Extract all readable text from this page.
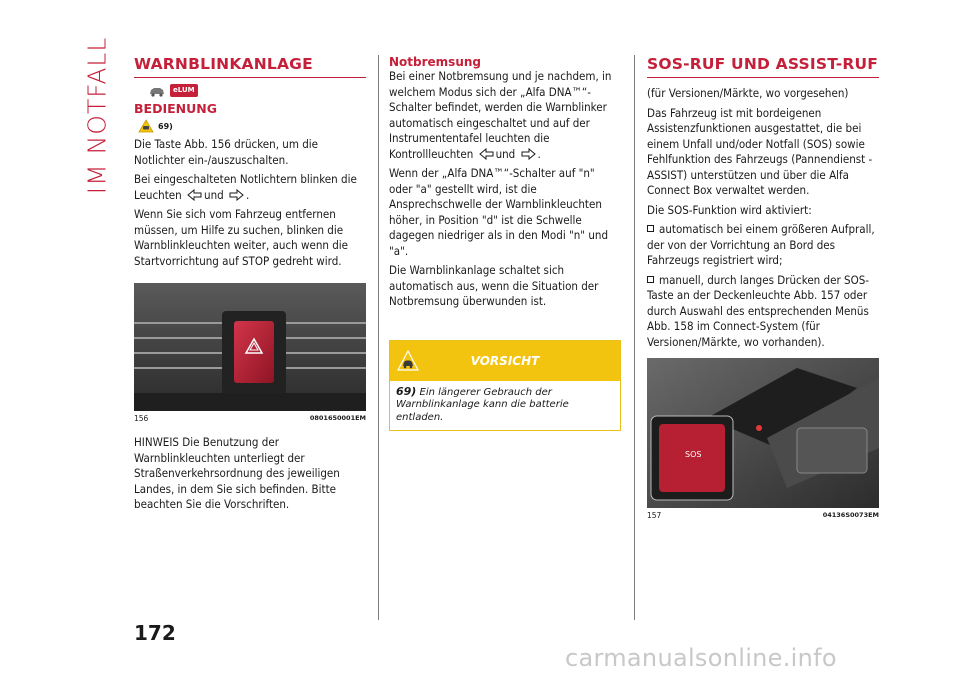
IM NOTFALL WARNBLINKANLAGE
eLUM
BEDIENUNG
69)

Die Taste Abb. 156 drücken, um die Notlichter ein-/auszuschalten.

Bei eingeschalteten Notlichtern blinken die Leuchten und .

Wenn Sie sich vom Fahrzeug entfernen müssen, um Hilfe zu suchen, blinken die Warnblinkleuchten weiter, auch wenn die Startvorrichtung auf STOP gedreht wird.

156	0801650001EM

HINWEIS Die Benutzung der Warnblinkleuchten unterliegt der Straßenverkehrsordnung des jeweiligen Landes, in dem Sie sich befinden. Bitte beachten Sie die Vorschriften.

Notbremsung

Bei einer Notbremsung und je nachdem, in welchem Modus sich der „Alfa DNA™“-Schalter befindet, werden die Warnblinker automatisch eingeschaltet und auf der Instrumententafel leuchten die Kontrollleuchten und .

Wenn der „Alfa DNA™“-Schalter auf "n" oder "a" gestellt wird, ist die Ansprechschwelle der Warnblinkleuchten höher, in Position "d" ist die Schwelle dagegen niedriger als in den Modi "n" und "a".

Die Warnblinkanlage schaltet sich automatisch aus, wenn die Situation der Notbremsung überwunden ist.

VORSICHT
69) Ein längerer Gebrauch der Warnblinkanlage kann die batterie entladen.
SOS-RUF UND ASSIST-RUF

(für Versionen/Märkte, wo vorgesehen)

Das Fahrzeug ist mit bordeigenen Assistenzfunktionen ausgestattet, die bei einem Unfall und/oder Notfall (SOS) sowie Fehlfunktion des Fahrzeugs (Pannendienst - ASSIST) unterstützen und über die Alfa Connect Box verwaltet werden.

Die SOS-Funktion wird aktiviert:

automatisch bei einem größeren Aufprall, der von der Vorrichtung an Bord des Fahrzeugs registriert wird;

manuell, durch langes Drücken der SOS-Taste an der Deckenleuchte Abb. 157 oder durch Auswahl des entsprechenden Menüs Abb. 158 im Connect-System (für Versionen/Märkte, wo vorhanden).

SOS
157	04136S0073EM
172
carmanualsonline.info
